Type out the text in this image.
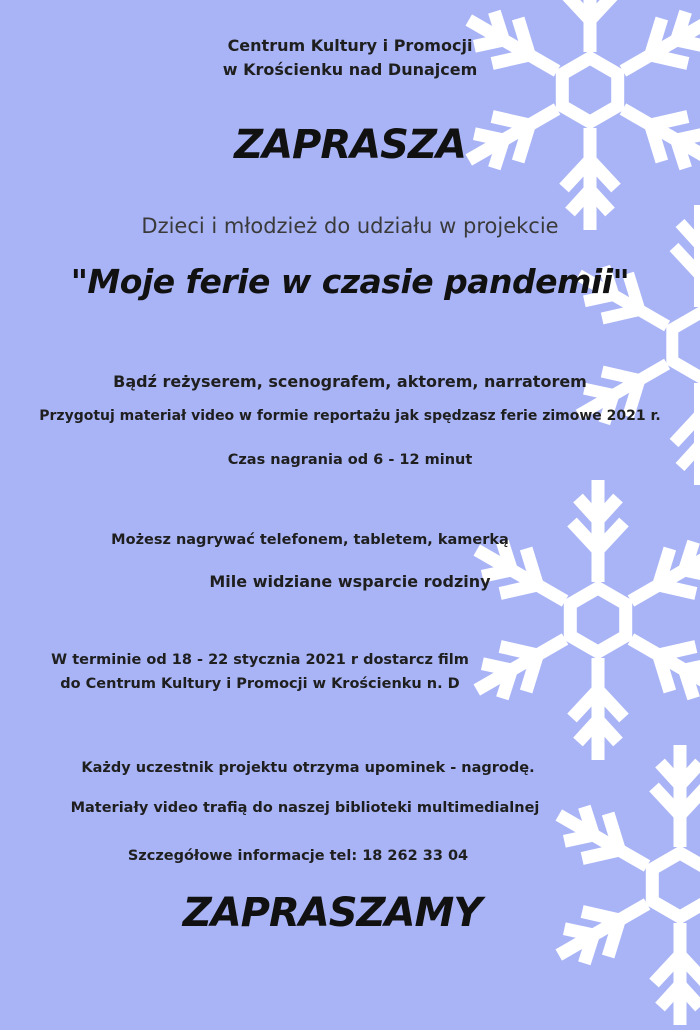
Centrum Kultury i Promocji
w Krościenku nad Dunajcem
ZAPRASZA
Dzieci i młodzież do udziału w projekcie
"Moje ferie w czasie pandemii"
Bądź reżyserem, scenografem, aktorem, narratorem
Przygotuj materiał video w formie reportażu jak spędzasz ferie zimowe 2021 r.
Czas nagrania od 6 - 12 minut
Możesz nagrywać telefonem, tabletem, kamerką
Mile widziane wsparcie rodziny
W terminie od 18 - 22 stycznia 2021 r dostarcz film
do Centrum Kultury i Promocji w Krościenku n. D
Każdy uczestnik projektu otrzyma upominek - nagrodę.
Materiały video trafią do naszej biblioteki multimedialnej
Szczegółowe informacje tel: 18 262 33 04
ZAPRASZAMY
